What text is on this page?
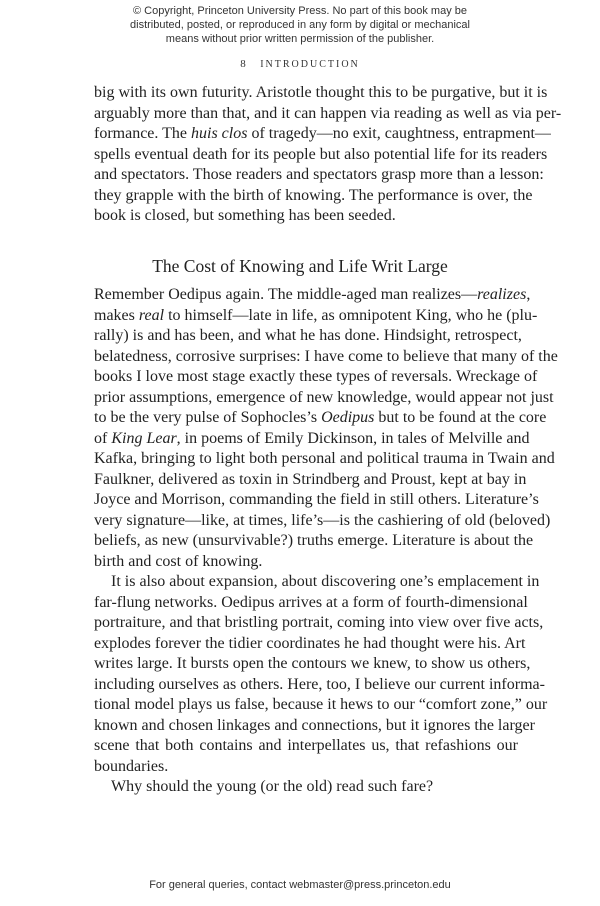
© Copyright, Princeton University Press. No part of this book may be
distributed, posted, or reproduced in any form by digital or mechanical
means without prior written permission of the publisher.
8 INTRODUCTION
big with its own futurity. Aristotle thought this to be purgative, but it is
arguably more than that, and it can happen via reading as well as via per-
formance. The huis clos of tragedy—no exit, caughtness, entrapment—
spells eventual death for its people but also potential life for its readers
and spectators. Those readers and spectators grasp more than a lesson:
they grapple with the birth of knowing. The performance is over, the
book is closed, but something has been seeded.
The Cost of Knowing and Life Writ Large
Remember Oedipus again. The middle-aged man realizes—realizes,
makes real to himself—late in life, as omnipotent King, who he (plu-
rally) is and has been, and what he has done. Hindsight, retrospect,
belatedness, corrosive surprises: I have come to believe that many of the
books I love most stage exactly these types of reversals. Wreckage of
prior assumptions, emergence of new knowledge, would appear not just
to be the very pulse of Sophocles’s Oedipus but to be found at the core
of King Lear, in poems of Emily Dickinson, in tales of Melville and
Kafka, bringing to light both personal and political trauma in Twain and
Faulkner, delivered as toxin in Strindberg and Proust, kept at bay in
Joyce and Morrison, commanding the field in still others. Literature’s
very signature—like, at times, life’s—is the cashiering of old (beloved)
beliefs, as new (unsurvivable?) truths emerge. Literature is about the
birth and cost of knowing.
It is also about expansion, about discovering one’s emplacement in
far-flung networks. Oedipus arrives at a form of fourth-dimensional
portraiture, and that bristling portrait, coming into view over five acts,
explodes forever the tidier coordinates he had thought were his. Art
writes large. It bursts open the contours we knew, to show us others,
including ourselves as others. Here, too, I believe our current informa-
tional model plays us false, because it hews to our “comfort zone,” our
known and chosen linkages and connections, but it ignores the larger
scene that both contains and interpellates us, that refashions our
boundaries.
Why should the young (or the old) read such fare?
For general queries, contact webmaster@press.princeton.edu
